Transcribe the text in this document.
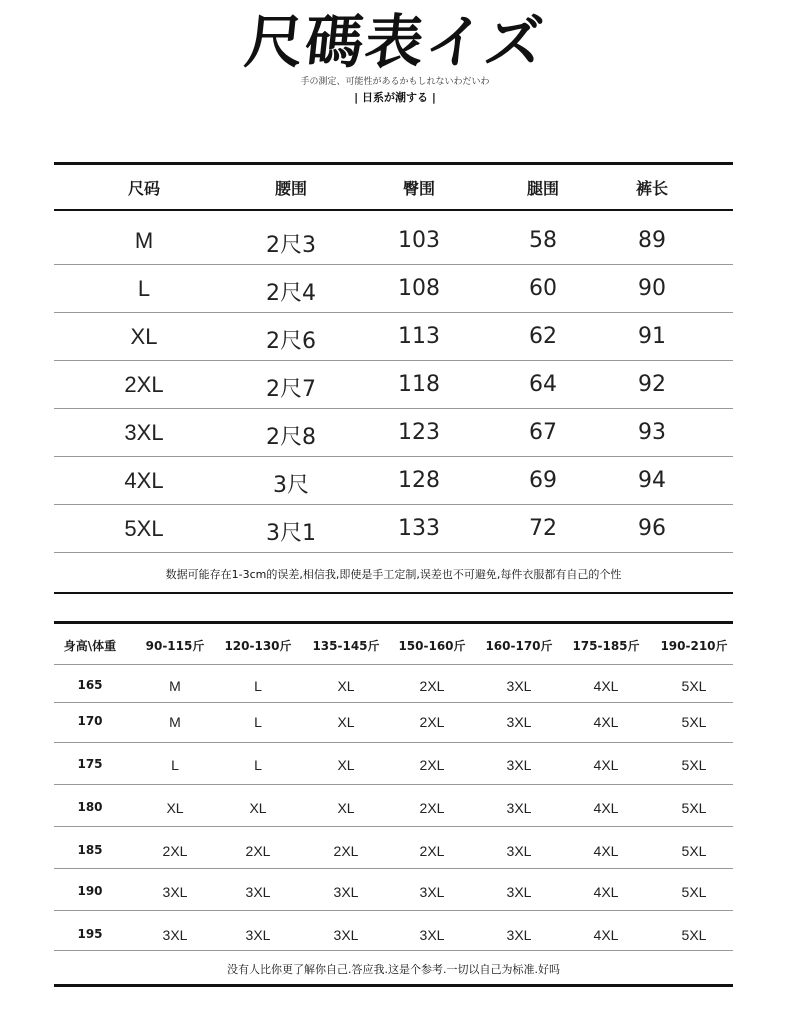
尺碼表イズ
手の測定、可能性があるかもしれないわだいわ
| 日系が潮する |
尺码	腰围	臀围	腿围	裤长
M	2尺3	103	58	89
L	2尺4	108	60	90
XL	2尺6	113	62	91
2XL	2尺7	118	64	92
3XL	2尺8	123	67	93
4XL	3尺	128	69	94
5XL	3尺1	133	72	96
数据可能存在1-3cm的误差,相信我,即使是手工定制,误差也不可避免,每件衣服都有自己的个性
身高\体重	90-115斤	120-130斤	135-145斤	150-160斤	160-170斤	175-185斤	190-210斤
165	M	L	XL	2XL	3XL	4XL	5XL
170	M	L	XL	2XL	3XL	4XL	5XL
175	L	L	XL	2XL	3XL	4XL	5XL
180	XL	XL	XL	2XL	3XL	4XL	5XL
185	2XL	2XL	2XL	2XL	3XL	4XL	5XL
190	3XL	3XL	3XL	3XL	3XL	4XL	5XL
195	3XL	3XL	3XL	3XL	3XL	4XL	5XL
没有人比你更了解你自己.答应我.这是个参考.一切以自己为标准.好吗
